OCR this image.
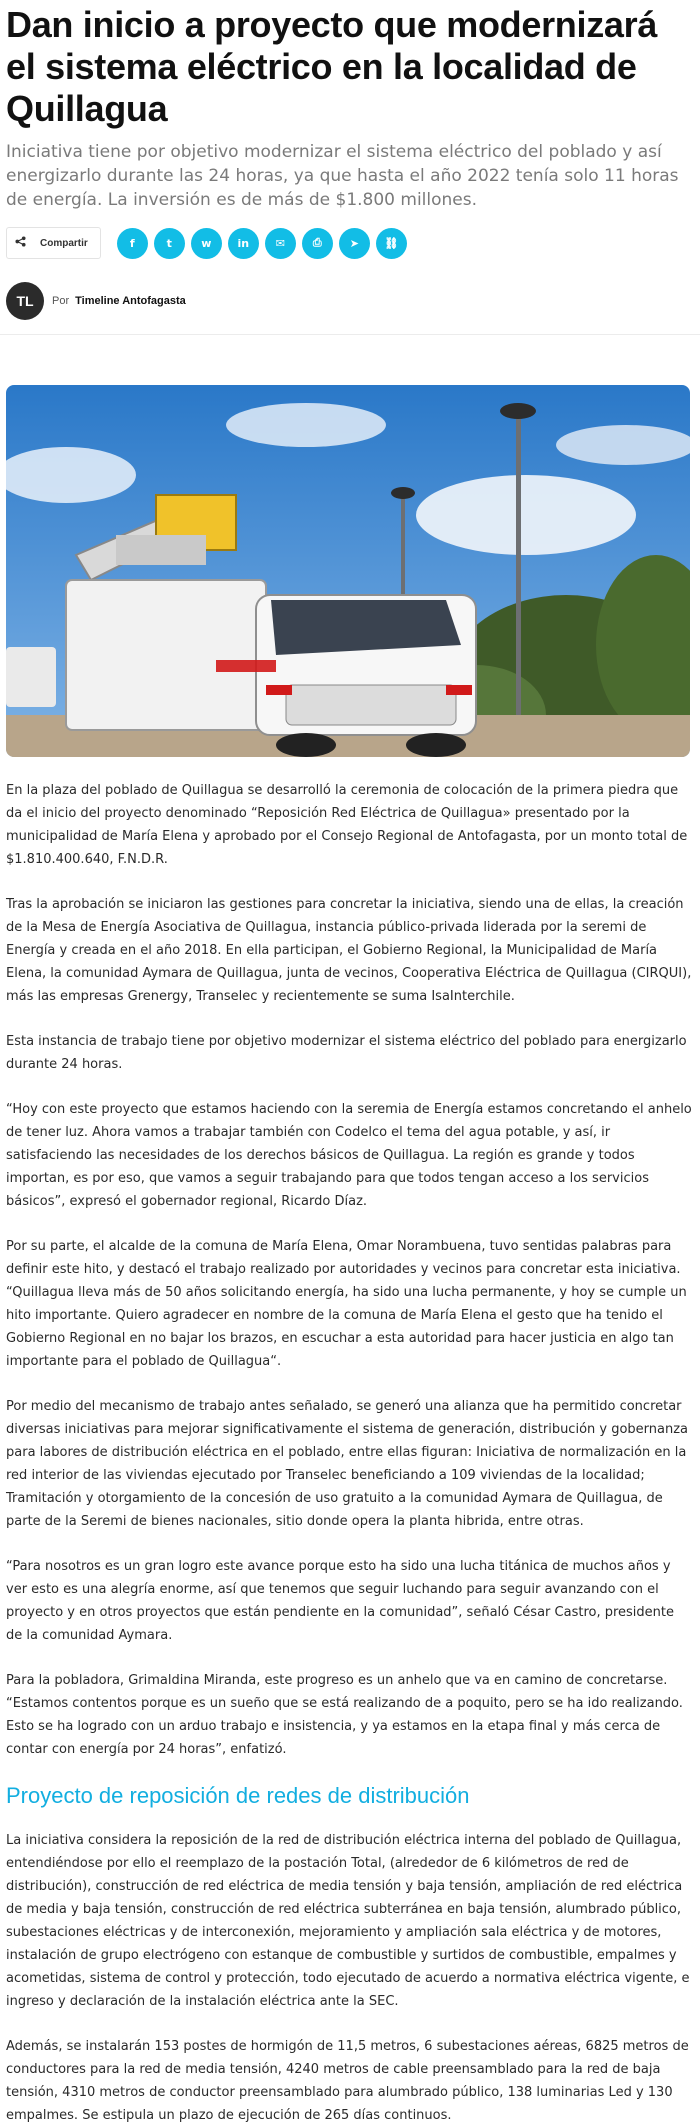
Dan inicio a proyecto que modernizará el sistema eléctrico en la localidad de Quillagua

Iniciativa tiene por objetivo modernizar el sistema eléctrico del poblado y así energizarlo durante las 24 horas, ya que hasta el año 2022 tenía solo 11 horas de energía. La inversión es de más de $1.800 millones.

Compartir	f	t	w in ✉	⎙	➤ ⛓
TL Por Timeline Antofagasta

En la plaza del poblado de Quillagua se desarrolló la ceremonia de colocación de la primera piedra que da el inicio del proyecto denominado “Reposición Red Eléctrica de Quillagua» presentado por la municipalidad de María Elena y aprobado por el Consejo Regional de Antofagasta, por un monto total de $1.810.400.640, F.N.D.R.

Tras la aprobación se iniciaron las gestiones para concretar la iniciativa, siendo una de ellas, la creación de la Mesa de Energía Asociativa de Quillagua, instancia público-privada liderada por la seremi de Energía y creada en el año 2018. En ella participan, el Gobierno Regional, la Municipalidad de María Elena, la comunidad Aymara de Quillagua, junta de vecinos, Cooperativa Eléctrica de Quillagua (CIRQUI), más las empresas Grenergy, Transelec y recientemente se suma IsaInterchile.

Esta instancia de trabajo tiene por objetivo modernizar el sistema eléctrico del poblado para energizarlo durante 24 horas.

“Hoy con este proyecto que estamos haciendo con la seremia de Energía estamos concretando el anhelo de tener luz. Ahora vamos a trabajar también con Codelco el tema del agua potable, y así, ir satisfaciendo las necesidades de los derechos básicos de Quillagua. La región es grande y todos importan, es por eso, que vamos a seguir trabajando para que todos tengan acceso a los servicios básicos”, expresó el gobernador regional, Ricardo Díaz.

Por su parte, el alcalde de la comuna de María Elena, Omar Norambuena, tuvo sentidas palabras para definir este hito, y destacó el trabajo realizado por autoridades y vecinos para concretar esta iniciativa. “Quillagua lleva más de 50 años solicitando energía, ha sido una lucha permanente, y hoy se cumple un hito importante. Quiero agradecer en nombre de la comuna de María Elena el gesto que ha tenido el Gobierno Regional en no bajar los brazos, en escuchar a esta autoridad para hacer justicia en algo tan importante para el poblado de Quillagua“.

Por medio del mecanismo de trabajo antes señalado, se generó una alianza que ha permitido concretar diversas iniciativas para mejorar significativamente el sistema de generación, distribución y gobernanza para labores de distribución eléctrica en el poblado, entre ellas figuran: Iniciativa de normalización en la red interior de las viviendas ejecutado por Transelec beneficiando a 109 viviendas de la localidad; Tramitación y otorgamiento de la concesión de uso gratuito a la comunidad Aymara de Quillagua, de parte de la Seremi de bienes nacionales, sitio donde opera la planta hibrida, entre otras.

“Para nosotros es un gran logro este avance porque esto ha sido una lucha titánica de muchos años y ver esto es una alegría enorme, así que tenemos que seguir luchando para seguir avanzando con el proyecto y en otros proyectos que están pendiente en la comunidad”, señaló César Castro, presidente de la comunidad Aymara.

Para la pobladora, Grimaldina Miranda, este progreso es un anhelo que va en camino de concretarse. “Estamos contentos porque es un sueño que se está realizando de a poquito, pero se ha ido realizando. Esto se ha logrado con un arduo trabajo e insistencia, y ya estamos en la etapa final y más cerca de contar con energía por 24 horas”, enfatizó.

Proyecto de reposición de redes de distribución

La iniciativa considera la reposición de la red de distribución eléctrica interna del poblado de Quillagua, entendiéndose por ello el reemplazo de la postación Total, (alrededor de 6 kilómetros de red de distribución), construcción de red eléctrica de media tensión y baja tensión, ampliación de red eléctrica de media y baja tensión, construcción de red eléctrica subterránea en baja tensión, alumbrado público, subestaciones eléctricas y de interconexión, mejoramiento y ampliación sala eléctrica y de motores, instalación de grupo electrógeno con estanque de combustible y surtidos de combustible, empalmes y acometidas, sistema de control y protección, todo ejecutado de acuerdo a normativa eléctrica vigente, e ingreso y declaración de la instalación eléctrica ante la SEC.

Además, se instalarán 153 postes de hormigón de 11,5 metros, 6 subestaciones aéreas, 6825 metros de conductores para la red de media tensión, 4240 metros de cable preensamblado para la red de baja tensión, 4310 metros de conductor preensamblado para alumbrado público, 138 luminarias Led y 130 empalmes. Se estipula un plazo de ejecución de 265 días continuos.
